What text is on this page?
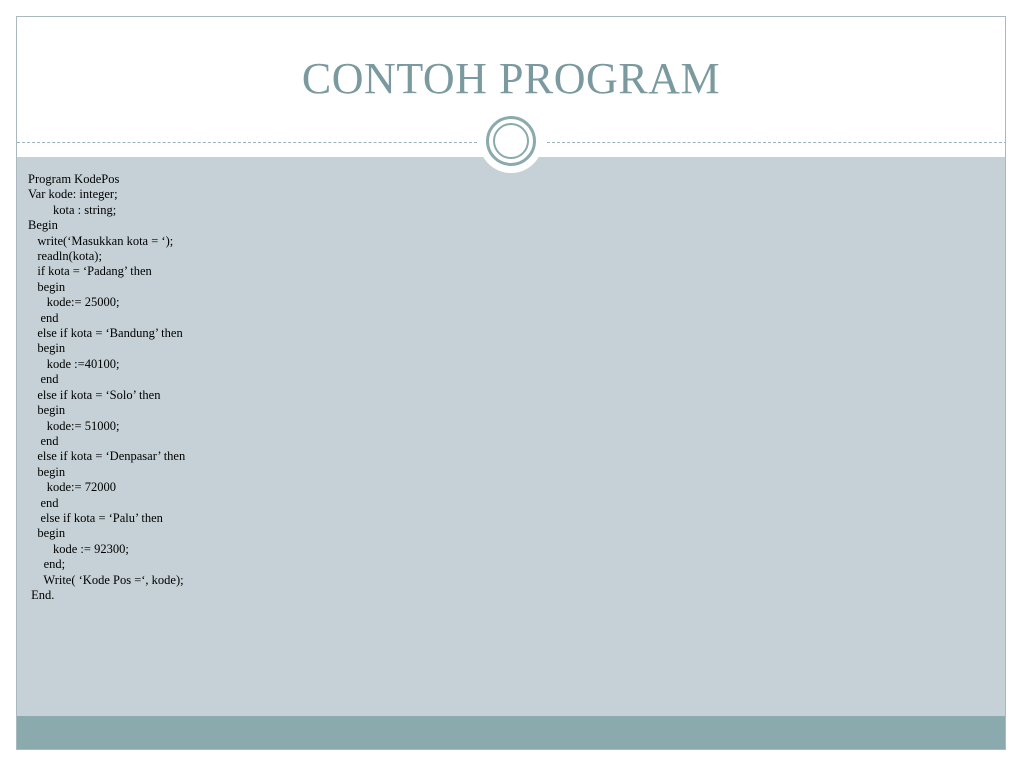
CONTOH PROGRAM
Program KodePos
Var kode: integer;
kota : string;
Begin
write(‘Masukkan kota = ‘);
readln(kota);
if kota = ‘Padang’ then
begin
kode:= 25000;
end
else if kota = ‘Bandung’ then
begin
kode :=40100;
end
else if kota = ‘Solo’ then
begin
kode:= 51000;
end
else if kota = ‘Denpasar’ then
begin
kode:= 72000
end
else if kota = ‘Palu’ then
begin
kode := 92300;
end;
Write( ‘Kode Pos =‘, kode);
End.
